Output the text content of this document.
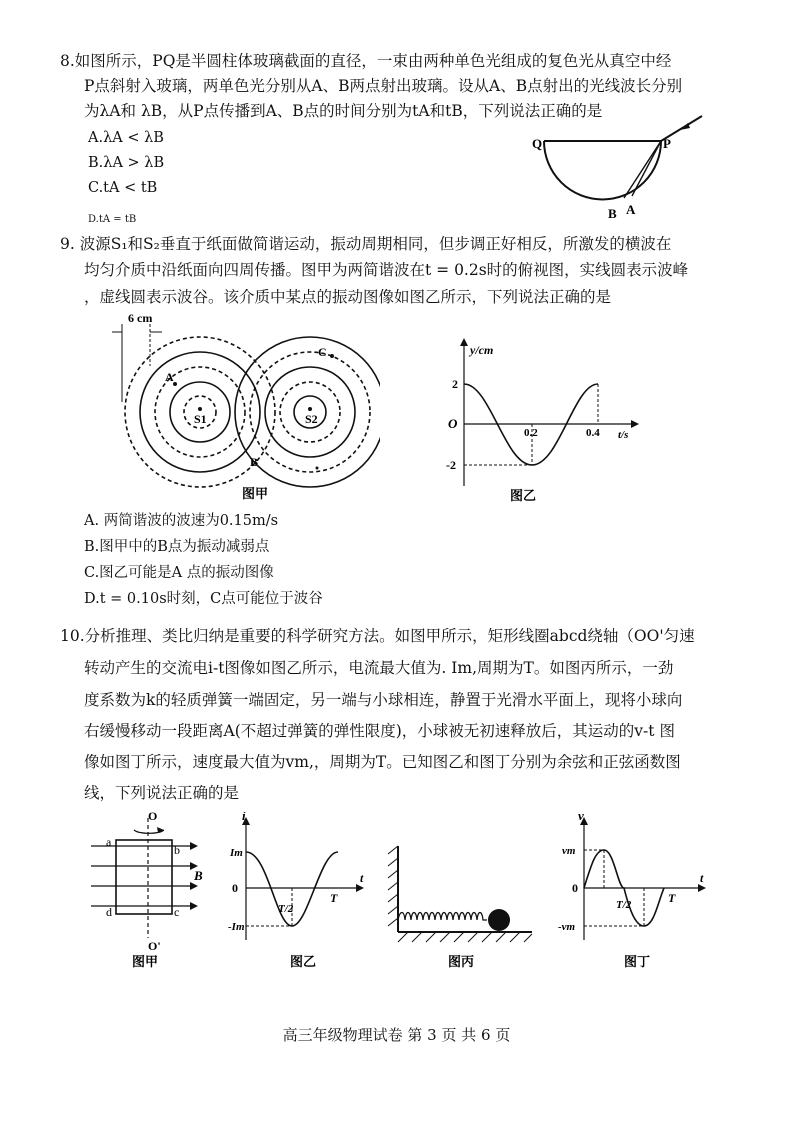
8.如图所示，PQ是半圆柱体玻璃截面的直径，一束由两种单色光组成的复色光从真空中经
P点斜射入玻璃，两单色光分别从A、B两点射出玻璃。设从A、B点射出的光线波长分别
为λA和 λB，从P点传播到A、B点的时间分别为tA和tB，下列说法正确的是
A.λA < λB
B.λA > λB
C.tA < tB
D.tA = tB
Q	P
B A
9. 波源S₁和S₂垂直于纸面做简谐运动，振动周期相同，但步调正好相反，所激发的横波在
均匀介质中沿纸面向四周传播。图甲为两简谐波在t = 0.2s时的俯视图，实线圆表示波峰
，虚线圆表示波谷。该介质中某点的振动图像如图乙所示，下列说法正确的是
6 cm
S1	S2
A
B
C
图甲
y/cm
t/s
O
2
-2
0.2	0.4
图乙
A. 两简谐波的波速为0.15m/s
B.图甲中的B点为振动减弱点
C.图乙可能是A 点的振动图像
D.t = 0.10s时刻，C点可能位于波谷
10.分析推理、类比归纳是重要的科学研究方法。如图甲所示，矩形线圈abcd绕轴（OO'匀速
转动产生的交流电i-t图像如图乙所示，电流最大值为. Im,周期为T。如图丙所示，一劲
度系数为k的轻质弹簧一端固定，另一端与小球相连，静置于光滑水平面上，现将小球向
右缓慢移动一段距离A(不超过弹簧的弹性限度)，小球被无初速释放后，其运动的v-t 图
像如图丁所示，速度最大值为vm,，周期为T。已知图乙和图丁分别为余弦和正弦函数图
线，下列说法正确的是
O
O'
a
b
c
d
B
图甲
i
t
Im
0
-Im
T/2
T
图乙	图丙
v
t
vm
0
-vm
T/2	T
图丁
高三年级物理试卷 第 3 页 共 6 页
